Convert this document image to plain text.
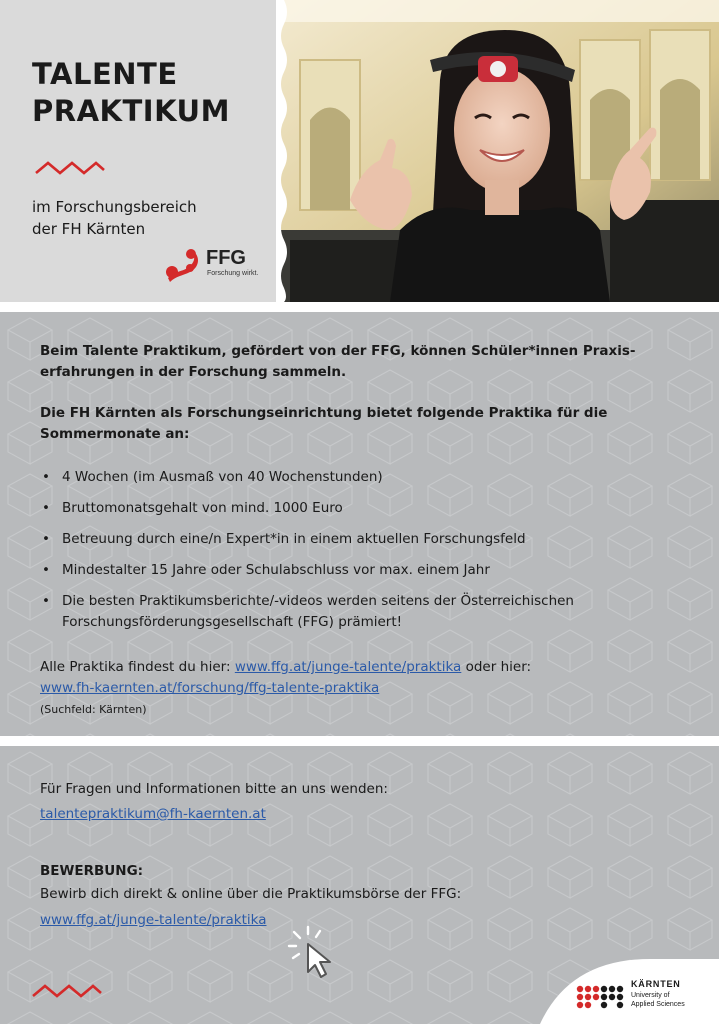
TALENTE
PRAKTIKUM
im Forschungsbereich
der FH Kärnten
FFG
Forschung wirkt.

Beim Talente Praktikum, gefördert von der FFG, können Schüler*innen Praxis-erfahrungen in der Forschung sammeln.

Die FH Kärnten als Forschungseinrichtung bietet folgende Praktika für die Sommermonate an:

• 4 Wochen (im Ausmaß von 40 Wochenstunden)
• Bruttomonatsgehalt von mind. 1000 Euro
• Betreuung durch eine/n Expert*in in einem aktuellen Forschungsfeld
• Mindestalter 15 Jahre oder Schulabschluss vor max. einem Jahr
• Die besten Praktikumsberichte/-videos werden seitens der Österreichischen Forschungsförderungsgesellschaft (FFG) prämiert!

Alle Praktika findest du hier: www.ffg.at/junge-talente/praktika oder hier:
www.fh-kaernten.at/forschung/ffg-talente-praktika
(Suchfeld: Kärnten)

Für Fragen und Informationen bitte an uns wenden:

talentepraktikum@fh-kaernten.at

BEWERBUNG:

Bewirb dich direkt & online über die Praktikumsbörse der FFG:

www.ffg.at/junge-talente/praktika

KÄRNTEN
University of
Applied Sciences
